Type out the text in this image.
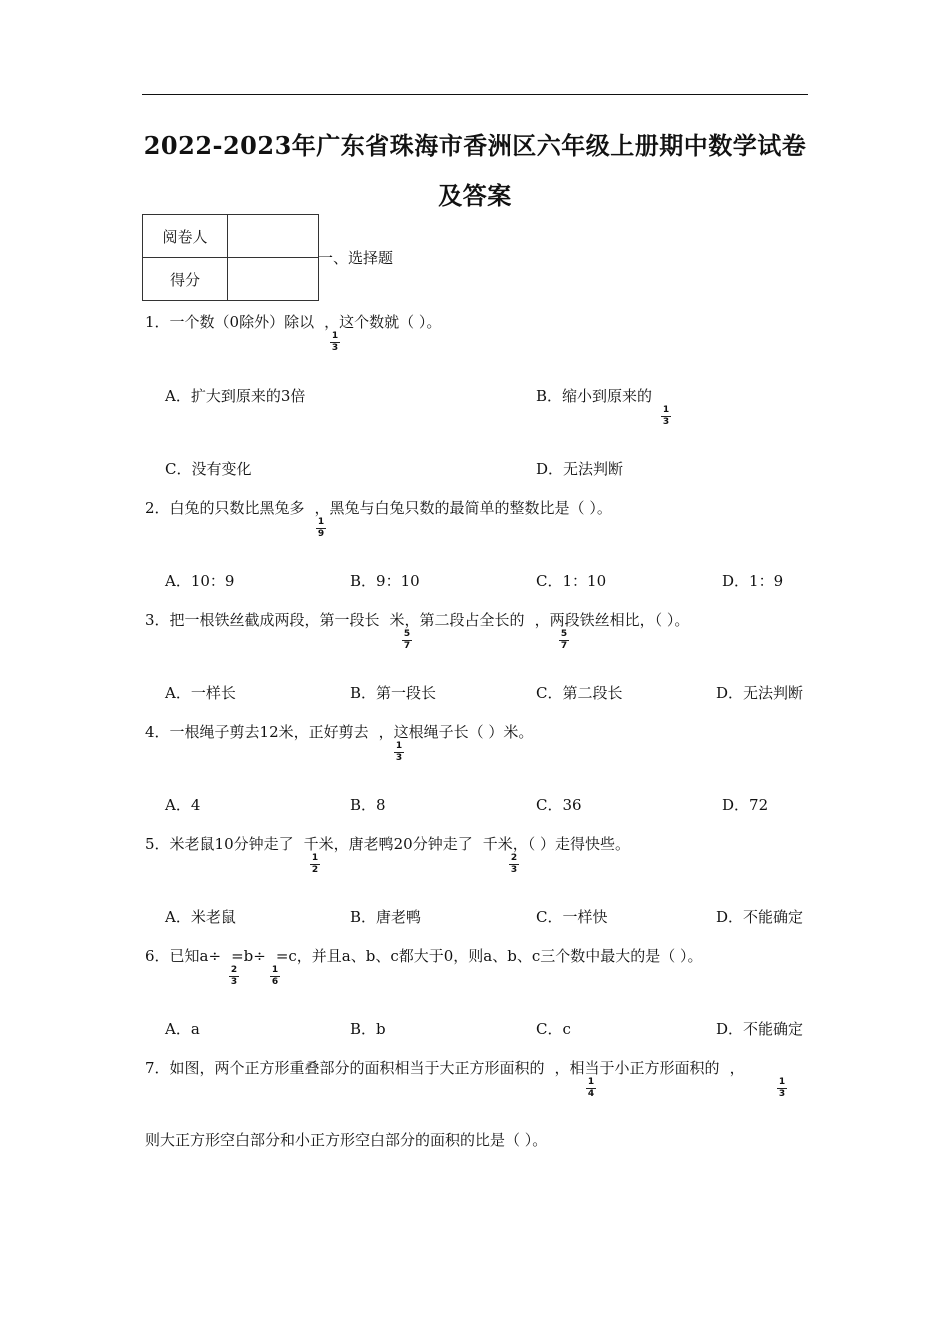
2022-2023年广东省珠海市香洲区六年级上册期中数学试卷
及答案
阅卷人	
得分	
一、选择题
1．一个数（0除外）除以 ，这个数就（ ）。
1
3
A．扩大到原来的3倍	B．缩小到原来的
1
3
C．没有变化	D．无法判断
2．白兔的只数比黑兔多 ，黑兔与白兔只数的最简单的整数比是（ ）。
1
9
A．10：9	B．9：10	C．1：10	D．1：9
3．把一根铁丝截成两段，第一段长 米，第二段占全长的 ，两段铁丝相比，（ ）。
5
7
5
7
A．一样长	B．第一段长	C．第二段长	D．无法判断
4．一根绳子剪去12米，正好剪去 ，这根绳子长（ ）米。
1
3
A．4	B．8	C．36	D．72
5．米老鼠10分钟走了 千米，唐老鸭20分钟走了 千米，（ ）走得快些。
1
2
2
3
A．米老鼠	B．唐老鸭	C．一样快	D．不能确定
6．已知a÷ =b÷ =c，并且a、b、c都大于0，则a、b、c三个数中最大的是（ ）。
2
3
1
6
A．a	B．b	C．c	D．不能确定
7．如图，两个正方形重叠部分的面积相当于大正方形面积的 ，相当于小正方形面积的 ，
1
4
1
3
则大正方形空白部分和小正方形空白部分的面积的比是（ ）。
